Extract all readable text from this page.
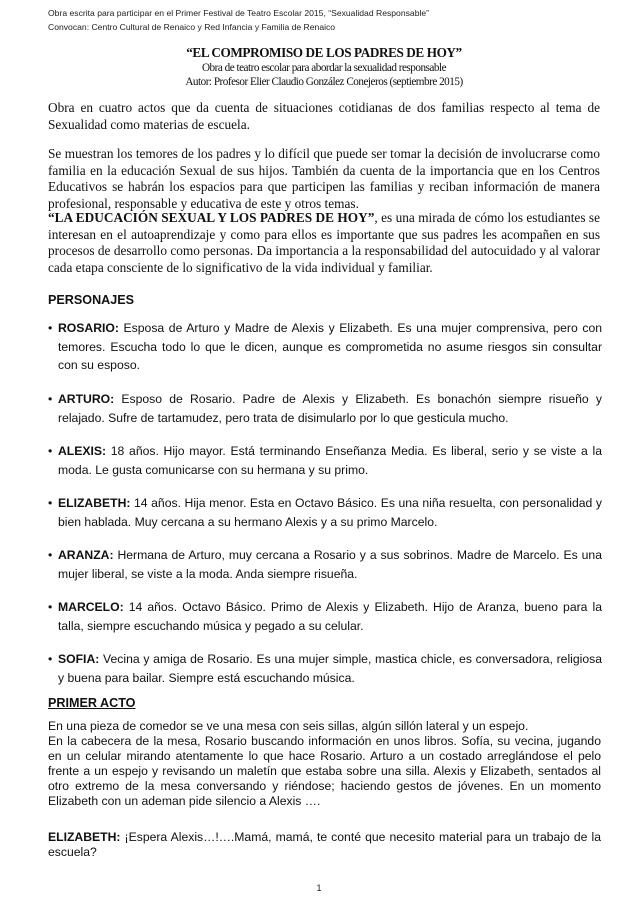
Obra escrita para participar en el Primer Festival de Teatro Escolar 2015, “Sexualidad Responsable”
Convocan: Centro Cultural de Renaico y Red Infancia y Familia de Renaico
“EL COMPROMISO DE LOS PADRES DE HOY”
Obra de teatro escolar para abordar la sexualidad responsable
Autor: Profesor Elier Claudio González Conejeros (septiembre 2015)

Obra en cuatro actos que da cuenta de situaciones cotidianas de dos familias respecto al tema de Sexualidad como materias de escuela.

Se muestran los temores de los padres y lo difícil que puede ser tomar la decisión de involucrarse como familia en la educación Sexual de sus hijos. También da cuenta de la importancia que en los Centros Educativos se habrán los espacios para que participen las familias y reciban información de manera profesional, responsable y educativa de este y otros temas.

“LA EDUCACIÓN SEXUAL Y LOS PADRES DE HOY”, es una mirada de cómo los estudiantes se interesan en el autoaprendizaje y como para ellos es importante que sus padres les acompañen en sus procesos de desarrollo como personas. Da importancia a la responsabilidad del autocuidado y al valorar cada etapa consciente de lo significativo de la vida individual y familiar.

PERSONAJES
• ROSARIO: Esposa de Arturo y Madre de Alexis y Elizabeth. Es una mujer comprensiva, pero con temores. Escucha todo lo que le dicen, aunque es comprometida no asume riesgos sin consultar con su esposo.
• ARTURO: Esposo de Rosario. Padre de Alexis y Elizabeth. Es bonachón siempre risueño y relajado. Sufre de tartamudez, pero trata de disimularlo por lo que gesticula mucho.
• ALEXIS: 18 años. Hijo mayor. Está terminando Enseñanza Media. Es liberal, serio y se viste a la moda. Le gusta comunicarse con su hermana y su primo.
• ELIZABETH: 14 años. Hija menor. Esta en Octavo Básico. Es una niña resuelta, con personalidad y bien hablada. Muy cercana a su hermano Alexis y a su primo Marcelo.
• ARANZA: Hermana de Arturo, muy cercana a Rosario y a sus sobrinos. Madre de Marcelo. Es una mujer liberal, se viste a la moda. Anda siempre risueña.
• MARCELO: 14 años. Octavo Básico. Primo de Alexis y Elizabeth. Hijo de Aranza, bueno para la talla, siempre escuchando música y pegado a su celular.
• SOFIA: Vecina y amiga de Rosario. Es una mujer simple, mastica chicle, es conversadora, religiosa y buena para bailar. Siempre está escuchando música.
PRIMER ACTO

En una pieza de comedor se ve una mesa con seis sillas, algún sillón lateral y un espejo.

En la cabecera de la mesa, Rosario buscando información en unos libros. Sofía, su vecina, jugando en un celular mirando atentamente lo que hace Rosario. Arturo a un costado arreglándose el pelo frente a un espejo y revisando un maletín que estaba sobre una silla. Alexis y Elizabeth, sentados al otro extremo de la mesa conversando y riéndose; haciendo gestos de jóvenes. En un momento Elizabeth con un ademan pide silencio a Alexis ….

ELIZABETH: ¡Espera Alexis…!….Mamá, mamá, te conté que necesito material para un trabajo de la escuela?

1
